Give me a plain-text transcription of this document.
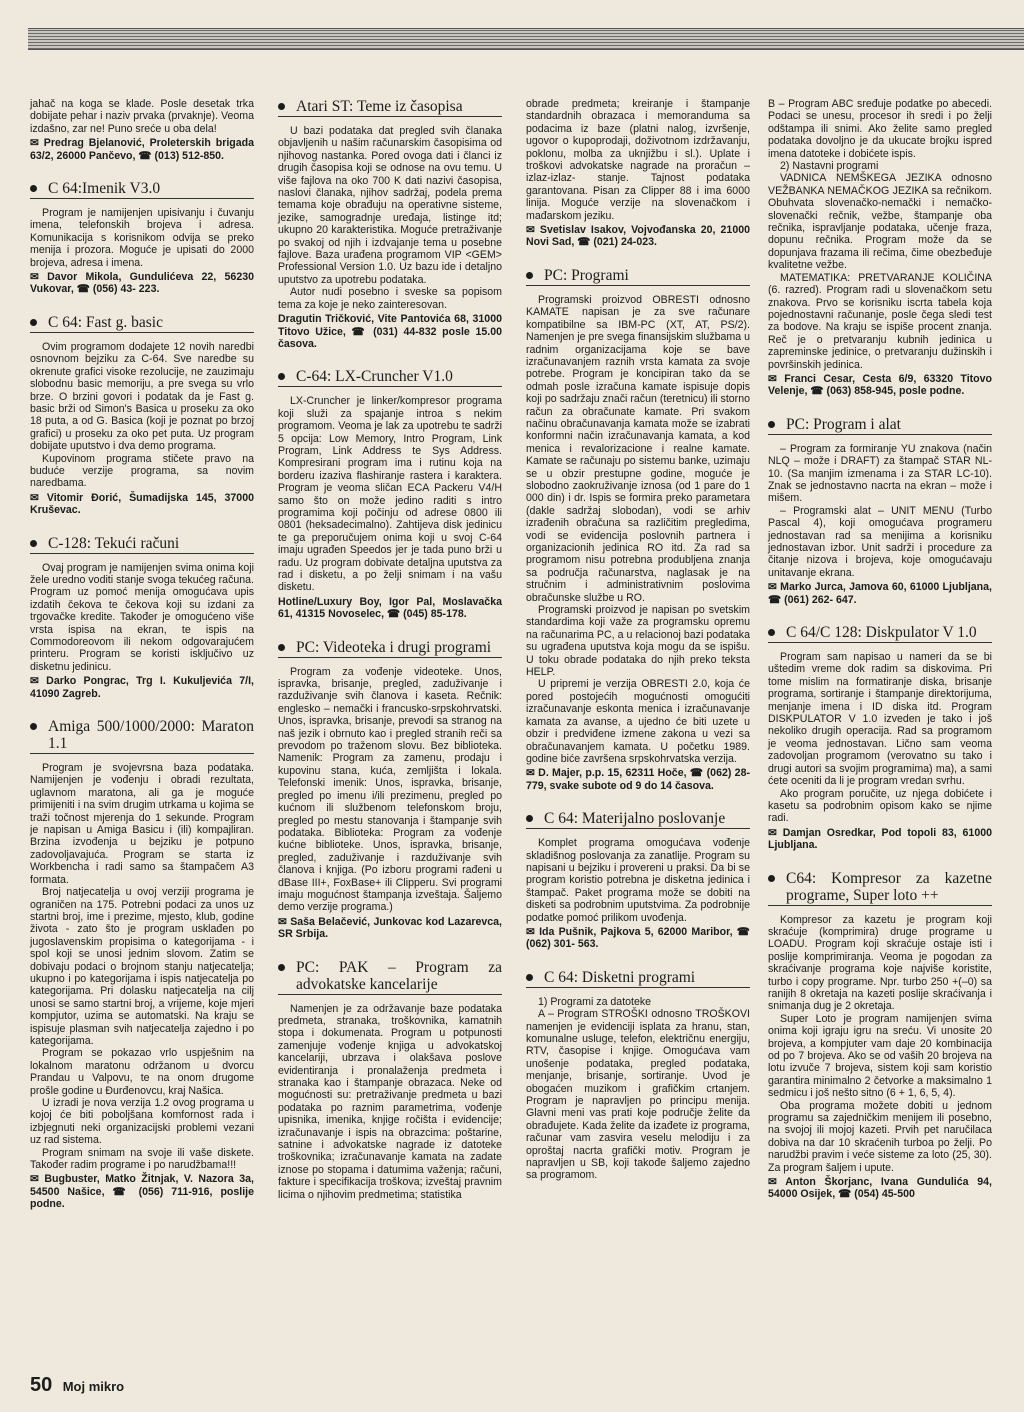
jahač na koga se klade. Posle desetak trka dobijate pehar i naziv prvaka (prvaknje). Veoma izdašno, zar ne! Puno sreće u oba dela!

✉ Predrag Bjelanović, Proleterskih brigada 63/2, 26000 Pančevo, ☎ (013) 512-850.

C 64:Imenik V3.0

Program je namijenjen upisivanju i čuvanju imena, telefonskih brojeva i adresa. Komunikacija s korisnikom odvija se preko menija i prozora. Moguće je upisati do 2000 brojeva, adresa i imena.

✉ Davor Mikola, Gundulićeva 22, 56230 Vukovar, ☎ (056) 43- 223.

C 64: Fast g. basic

Ovim programom dodajete 12 novih naredbi osnovnom bejziku za C-64. Sve naredbe su okrenute grafici visoke rezolucije, ne zauzimaju slobodnu basic memoriju, a pre svega su vrlo brze. O brzini govori i podatak da je Fast g. basic brži od Simon's Basica u proseku za oko 18 puta, a od G. Basica (koji je poznat po brzoj grafici) u proseku za oko pet puta. Uz program dobijate uputstvo i dva demo programa.

Kupovinom programa stičete pravo na buduće verzije programa, sa novim naredbama.

✉ Vitomir Đorić, Šumadijska 145, 37000 Kruševac.

C-128: Tekući računi

Ovaj program je namijenjen svima onima koji žele uredno voditi stanje svoga tekućeg računa. Program uz pomoć menija omogućava upis izdatih čekova te čekova koji su izdani za trgovačke kredite. Također je omogućeno više vrsta ispisa na ekran, te ispis na Commodoreovom ili nekom odgovarajućem printeru. Program se koristi isključivo uz disketnu jedinicu.

✉ Darko Pongrac, Trg I. Kukuljevića 7/I, 41090 Zagreb.

Amiga 500/1000/2000: Maraton 1.1

Program je svojevrsna baza podataka. Namijenjen je vođenju i obradi rezultata, uglavnom maratona, ali ga je moguće primijeniti i na svim drugim utrkama u kojima se traži točnost mjerenja do 1 sekunde. Program je napisan u Amiga Basicu i (ili) kompajliran. Brzina izvođenja u bejziku je potpuno zadovoljavajuća. Program se starta iz Workbencha i radi samo sa štampačem A3 formata.

Broj natjecatelja u ovoj verziji programa je ograničen na 175. Potrebni podaci za unos uz startni broj, ime i prezime, mjesto, klub, godine života - zato što je program usklađen po jugoslavenskim propisima o kategorijama - i spol koji se unosi jednim slovom. Zatim se dobivaju podaci o brojnom stanju natjecatelja; ukupno i po kategorijama i ispis natjecatelja po kategorijama. Pri dolasku natjecatelja na cilj unosi se samo startni broj, a vrijeme, koje mjeri kompjutor, uzima se automatski. Na kraju se ispisuje plasman svih natjecatelja zajedno i po kategorijama.

Program se pokazao vrlo uspješnim na lokalnom maratonu održanom u dvorcu Prandau u Valpovu, te na onom drugome prošle godine u Đurđenovcu, kraj Našica.

U izradi je nova verzija 1.2 ovog programa u kojoj će biti poboljšana komfornost rada i izbjegnuti neki organizacijski problemi vezani uz rad sistema.

Program snimam na svoje ili vaše diskete. Također radim programe i po narudžbama!!!

✉ Bugbuster, Matko Žitnjak, V. Nazora 3a, 54500 Našice, ☎ (056) 711-916, poslije podne.

Atari ST: Teme iz časopisa

U bazi podataka dat pregled svih članaka objavljenih u našim računarskim časopisima od njihovog nastanka. Pored ovoga dati i članci iz drugih časopisa koji se odnose na ovu temu. U više fajlova na oko 700 K dati nazivi časopisa, naslovi članaka, njihov sadržaj, podela prema temama koje obrađuju na operativne sisteme, jezike, samogradnje uređaja, listinge itd; ukupno 20 karakteristika. Moguće pretraživanje po svakoj od njih i izdvajanje tema u posebne fajlove. Baza urađena programom VIP <GEM> Professional Version 1.0. Uz bazu ide i detaljno uputstvo za upotrebu podataka.

Autor nudi posebno i sveske sa popisom tema za koje je neko zainteresovan.

Dragutin Tričković, Vite Pantovića 68, 31000 Titovo Užice, ☎ (031) 44-832 posle 15.00 časova.

C-64: LX-Cruncher V1.0

LX-Cruncher je linker/kompresor programa koji služi za spajanje introa s nekim programom. Veoma je lak za upotrebu te sadrži 5 opcija: Low Memory, Intro Program, Link Program, Link Address te Sys Address. Kompresirani program ima i rutinu koja na borderu izaziva flashiranje rastera i karaktera. Program je veoma sličan ECA Packeru V4/H samo što on može jedino raditi s intro programima koji počinju od adrese 0800 ili 0801 (heksadecimalno). Zahtijeva disk jedinicu te ga preporučujem onima koji u svoj C-64 imaju ugrađen Speedos jer je tada puno brži u radu. Uz program dobivate detaljna uputstva za rad i disketu, a po želji snimam i na vašu disketu.

Hotline/Luxury Boy, Igor Pal, Moslavačka 61, 41315 Novoselec, ☎ (045) 85-178.

PC: Videoteka i drugi programi

Program za vođenje videoteke. Unos, ispravka, brisanje, pregled, zaduživanje i razduživanje svih članova i kaseta. Rečnik: englesko – nemački i francusko-srpskohrvatski. Unos, ispravka, brisanje, prevodi sa stranog na naš jezik i obrnuto kao i pregled stranih reči sa prevodom po traženom slovu. Bez biblioteka. Namenik: Program za zamenu, prodaju i kupovinu stana, kuća, zemljišta i lokala. Telefonski imenik: Unos, ispravka, brisanje, pregled po imenu i/ili prezimenu, pregled po kućnom ili službenom telefonskom broju, pregled po mestu stanovanja i štampanje svih podataka. Biblioteka: Program za vođenje kućne biblioteke. Unos, ispravka, brisanje, pregled, zaduživanje i razduživanje svih članova i knjiga. (Po izboru programi rađeni u dBase III+, FoxBase+ ili Clipperu. Svi programi imaju mogućnost štampanja izveštaja. Šaljemo demo verzije programa.)

✉ Saša Belačević, Junkovac kod Lazarevca, SR Srbija.

PC: PAK – Program za advokatske kancelarije

Namenjen je za održavanje baze podataka predmeta, stranaka, troškovnika, kamatnih stopa i dokumenata. Program u potpunosti zamenjuje vođenje knjiga u advokatskoj kancelariji, ubrzava i olakšava poslove evidentiranja i pronalaženja predmeta i stranaka kao i štampanje obrazaca. Neke od mogućnosti su: pretraživanje predmeta u bazi podataka po raznim parametrima, vođenje upisnika, imenika, knjige ročišta i evidencije; izračunavanje i ispis na obrazcima: poštarine, satnine i advokatske nagrade iz datoteke troškovnika; izračunavanje kamata na zadate iznose po stopama i datumima važenja; računi, fakture i specifikacija troškova; izveštaj pravnim licima o njihovim predmetima; statistika

obrade predmeta; kreiranje i štampanje standardnih obrazaca i memoranduma sa podacima iz baze (platni nalog, izvršenje, ugovor o kupoprodaji, doživotnom izdržavanju, poklonu, molba za uknjižbu i sl.). Uplate i troškovi advokatske nagrade na proračun – izlaz-izlaz- stanje. Tajnost podataka garantovana. Pisan za Clipper 88 i ima 6000 linija. Moguće verzije na slovenačkom i mađarskom jeziku.

✉ Svetislav Isakov, Vojvođanska 20, 21000 Novi Sad, ☎ (021) 24-023.

PC: Programi

Programski proizvod OBRESTI odnosno KAMATE napisan je za sve računare kompatibilne sa IBM-PC (XT, AT, PS/2). Namenjen je pre svega finansijskim službama u radnim organizacijama koje se bave izračunavanjem raznih vrsta kamata za svoje potrebe. Program je koncipiran tako da se odmah posle izračuna kamate ispisuje dopis koji po sadržaju znači račun (teretnicu) ili storno račun za obračunate kamate. Pri svakom načinu obračunavanja kamata može se izabrati konformni način izračunavanja kamata, a kod menica i revalorizacione i realne kamate. Kamate se računaju po sistemu banke, uzimaju se u obzir prestupne godine, moguće je slobodno zaokruživanje iznosa (od 1 pare do 1 000 din) i dr. Ispis se formira preko parametara (dakle sadržaj slobodan), vodi se arhiv izrađenih obračuna sa različitim pregledima, vodi se evidencija poslovnih partnera i organizacionih jedinica RO itd. Za rad sa programom nisu potrebna produbljena znanja sa područja računarstva, naglasak je na stručnim i administrativnim poslovima obračunske službe u RO.

Programski proizvod je napisan po svetskim standardima koji važe za programsku opremu na računarima PC, a u relacionoj bazi podataka su ugrađena uputstva koja mogu da se ispišu. U toku obrade podataka do njih preko teksta HELP.

U pripremi je verzija OBRESTI 2.0, koja će pored postojećih mogućnosti omogućiti izračunavanje eskonta menica i izračunavanje kamata za avanse, a ujedno će biti uzete u obzir i predviđene izmene zakona u vezi sa obračunavanjem kamata. U početku 1989. godine biće završena srpskohrvatska verzija.

✉ D. Majer, p.p. 15, 62311 Hoče, ☎ (062) 28-779, svake subote od 9 do 14 časova.

C 64: Materijalno poslovanje

Komplet programa omogućava vođenje skladišnog poslovanja za zanatlije. Program su napisani u bejziku i provereni u praksi. Da bi se program koristio potrebna je disketna jedinica i štampač. Paket programa može se dobiti na disketi sa podrobnim uputstvima. Za podrobnije podatke pomoć prilikom uvođenja.

✉ Ida Pušnik, Pajkova 5, 62000 Maribor, ☎ (062) 301- 563.

C 64: Disketni programi

1) Programi za datoteke

A – Program STROŠKI odnosno TROŠKOVI namenjen je evidenciji isplata za hranu, stan, komunalne usluge, telefon, električnu energiju, RTV, časopise i knjige. Omogućava vam unošenje podataka, pregled podataka, menjanje, brisanje, sortiranje. Uvod je obogaćen muzikom i grafičkim crtanjem. Program je napravljen po principu menija. Glavni meni vas prati koje područje želite da obrađujete. Kada želite da izađete iz programa, računar vam zasvira veselu melodiju i za oproštaj nacrta grafički motiv. Program je napravljen u SB, koji takođe šaljemo zajedno sa programom.

B – Program ABC sređuje podatke po abecedi. Podaci se unesu, procesor ih sredi i po želji odštampa ili snimi. Ako želite samo pregled podataka dovoljno je da ukucate brojku ispred imena datoteke i dobićete ispis.

2) Nastavni programi

VADNICA NEMŠKEGA JEZIKA odnosno VEŽBANKA NEMAČKOG JEZIKA sa rečnikom. Obuhvata slovenačko-nemački i nemačko-slovenački rečnik, vežbe, štampanje oba rečnika, ispravljanje podataka, učenje fraza, dopunu rečnika. Program može da se dopunjava frazama ili rečima, čime obezbeđuje kvalitetne vežbe.

MATEMATIKA: PRETVARANJE KOLIČINA (6. razred). Program radi u slovenačkom setu znakova. Prvo se korisniku iscrta tabela koja pojednostavni računanje, posle čega sledi test za bodove. Na kraju se ispiše procent znanja. Reč je o pretvaranju kubnih jedinica u zapreminske jedinice, o pretvaranju dužinskih i površinskih jedinica.

✉ Franci Cesar, Cesta 6/9, 63320 Titovo Velenje, ☎ (063) 858-945, posle podne.

PC: Program i alat

– Program za formiranje YU znakova (način NLQ – može i DRAFT) za štampač STAR NL-10. (Sa manjim izmenama i za STAR LC-10). Znak se jednostavno nacrta na ekran – može i mišem.

– Programski alat – UNIT MENU (Turbo Pascal 4), koji omogućava programeru jednostavan rad sa menijima a korisniku jednostavan izbor. Unit sadrži i procedure za čitanje nizova i brojeva, koje omogućavaju unitavanje ekrana.

✉ Marko Jurca, Jamova 60, 61000 Ljubljana, ☎ (061) 262- 647.

C 64/C 128: Diskpulator V 1.0

Program sam napisao u nameri da se bi uštedim vreme dok radim sa diskovima. Pri tome mislim na formatiranje diska, brisanje programa, sortiranje i štampanje direktorijuma, menjanje imena i ID diska itd. Program DISKPULATOR V 1.0 izveden je tako i još nekoliko drugih operacija. Rad sa programom je veoma jednostavan. Ličnо sam veoma zadovoljan programom (verovatno su tako i drugi autori sa svojim programima) ma), a sami ćete oceniti da li je program vredan svrhu.

Ako program poručite, uz njega dobićete i kasetu sa podrobnim opisom kako se njime radi.

✉ Damjan Osredkar, Pod topoli 83, 61000 Ljubljana.

C64: Kompresor za kazetne programe, Super loto ++

Kompresor za kazetu je program koji skraćuje (komprimira) druge programe u LOADU. Program koji skraćuje ostaje isti i poslije komprimiranja. Veoma je pogodan za skraćivanje programa koje najviše koristite, turbo i copy programe. Npr. turbo 250 +(–0) sa ranijih 8 okretaja na kazeti poslije skraćivanja i snimanja dug je 2 okretaja.

Super Loto je program namijenjen svima onima koji igraju igru na sreću. Vi unosite 20 brojeva, a kompjuter vam daje 20 kombinacija od po 7 brojeva. Ako se od vaših 20 brojeva na lotu izvuče 7 brojeva, sistem koji sam koristio garantira minimalno 2 četvorke a maksimalno 1 sedmicu i još nešto sitno (6 + 1, 6, 5, 4).

Oba programa možete dobiti u jednom programu sa zajedničkim menijem ili posebno, na svojoj ili mojoj kazeti. Prvih pet naručilaca dobiva na dar 10 skraćenih turboa po želji. Po narudžbi pravim i veće sisteme za loto (25, 30). Za program šaljem i upute.

✉ Anton Škorjanc, Ivana Gundulića 94, 54000 Osijek, ☎ (054) 45-500

50 Moj mikro
